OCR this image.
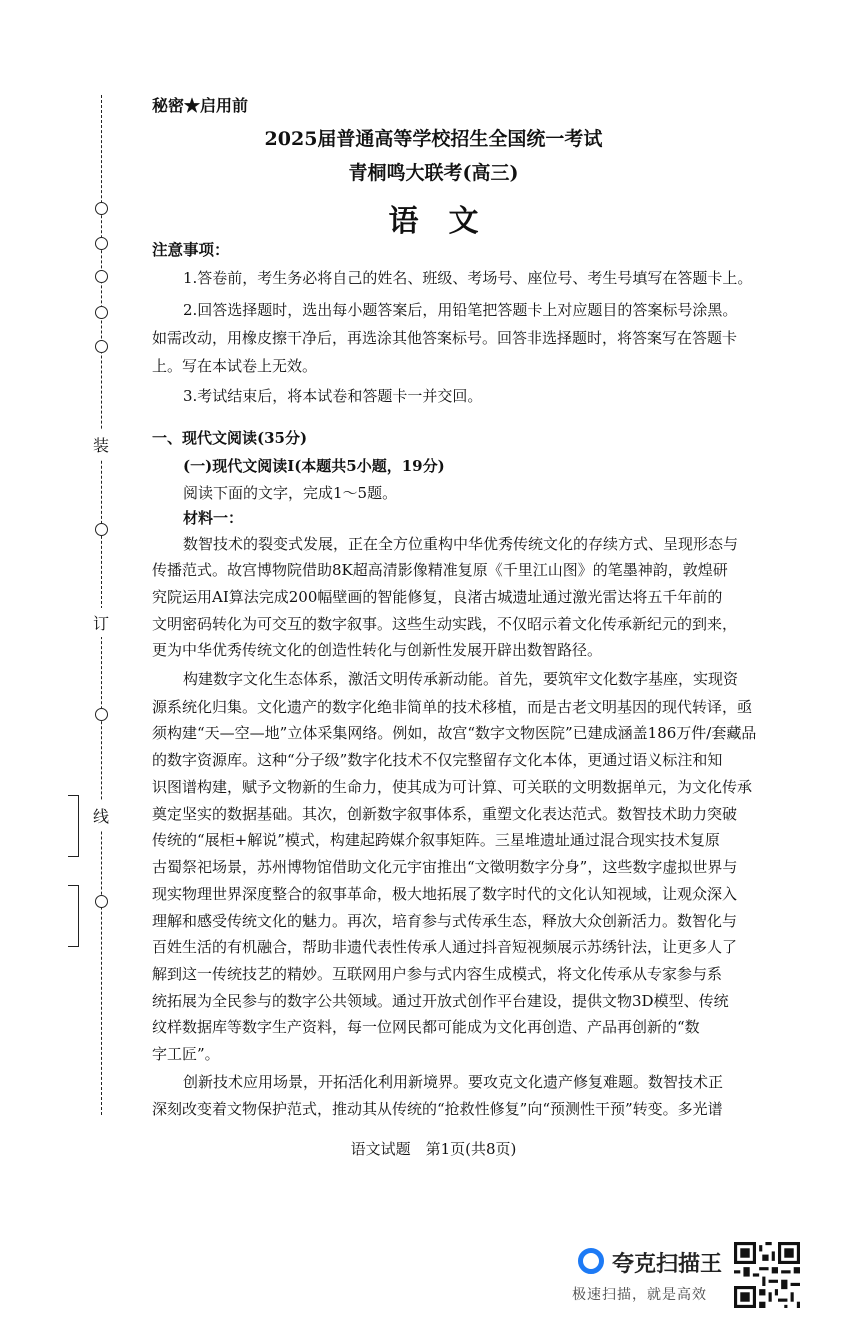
装
订
线
秘密★启用前
2025届普通高等学校招生全国统一考试
青桐鸣大联考(高三)
语文
注意事项：
1.答卷前，考生务必将自己的姓名、班级、考场号、座位号、考生号填写在答题卡上。
2.回答选择题时，选出每小题答案后，用铅笔把答题卡上对应题目的答案标号涂黑。
如需改动，用橡皮擦干净后，再选涂其他答案标号。回答非选择题时，将答案写在答题卡
上。写在本试卷上无效。
3.考试结束后，将本试卷和答题卡一并交回。
一、现代文阅读(35分)
(一)现代文阅读Ⅰ(本题共5小题，19分)
阅读下面的文字，完成1～5题。
材料一：
数智技术的裂变式发展，正在全方位重构中华优秀传统文化的存续方式、呈现形态与
传播范式。故宫博物院借助8K超高清影像精准复原《千里江山图》的笔墨神韵，敦煌研
究院运用AI算法完成200幅壁画的智能修复，良渚古城遗址通过激光雷达将五千年前的
文明密码转化为可交互的数字叙事。这些生动实践，不仅昭示着文化传承新纪元的到来，
更为中华优秀传统文化的创造性转化与创新性发展开辟出数智路径。
构建数字文化生态体系，激活文明传承新动能。首先，要筑牢文化数字基座，实现资
源系统化归集。文化遗产的数字化绝非简单的技术移植，而是古老文明基因的现代转译，亟
须构建“天—空—地”立体采集网络。例如，故宫“数字文物医院”已建成涵盖186万件/套藏品
的数字资源库。这种“分子级”数字化技术不仅完整留存文化本体，更通过语义标注和知
识图谱构建，赋予文物新的生命力，使其成为可计算、可关联的文明数据单元，为文化传承
奠定坚实的数据基础。其次，创新数字叙事体系，重塑文化表达范式。数智技术助力突破
传统的“展柜+解说”模式，构建起跨媒介叙事矩阵。三星堆遗址通过混合现实技术复原
古蜀祭祀场景，苏州博物馆借助文化元宇宙推出“文徵明数字分身”，这些数字虚拟世界与
现实物理世界深度整合的叙事革命，极大地拓展了数字时代的文化认知视域，让观众深入
理解和感受传统文化的魅力。再次，培育参与式传承生态，释放大众创新活力。数智化与
百姓生活的有机融合，帮助非遗代表性传承人通过抖音短视频展示苏绣针法，让更多人了
解到这一传统技艺的精妙。互联网用户参与式内容生成模式，将文化传承从专家参与系
统拓展为全民参与的数字公共领域。通过开放式创作平台建设，提供文物3D模型、传统
纹样数据库等数字生产资料，每一位网民都可能成为文化再创造、产品再创新的“数
字工匠”。
创新技术应用场景，开拓活化利用新境界。要攻克文化遗产修复难题。数智技术正
深刻改变着文物保护范式，推动其从传统的“抢救性修复”向“预测性干预”转变。多光谱
语文试题　第1页(共8页)
夸克扫描王
极速扫描，就是高效
